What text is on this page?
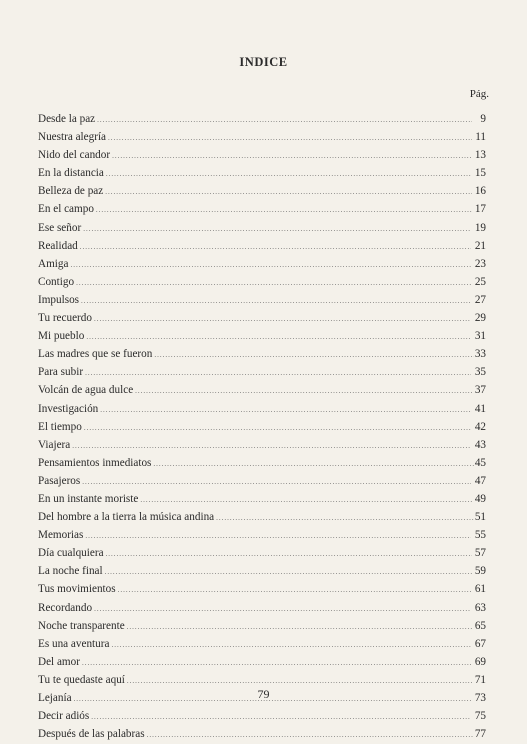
INDICE
Pág.
Desde la paz .....	9
Nuestra alegría .....	11
Nido del candor .....	13
En la distancia .....	15
Belleza de paz .....	16
En el campo .....	17
Ese señor .....	19
Realidad .....	21
Amiga .....	23
Contigo .....	25
Impulsos .....	27
Tu recuerdo .....	29
Mi pueblo .....	31
Las madres que se fueron .....	33
Para subir .....	35
Volcán de agua dulce .....	37
Investigación .....	41
El tiempo .....	42
Viajera .....	43
Pensamientos inmediatos .....	45
Pasajeros .....	47
En un instante moriste .....	49
Del hombre a la tierra la música andina .....	51
Memorias .....	55
Día cualquiera .....	57
La noche final .....	59
Tus movimientos .....	61
Recordando .....	63
Noche transparente .....	65
Es una aventura .....	67
Del amor .....	69
Tu te quedaste aquí .....	71
Lejanía .....	73
Decir adiós .....	75
Después de las palabras .....	77
79
